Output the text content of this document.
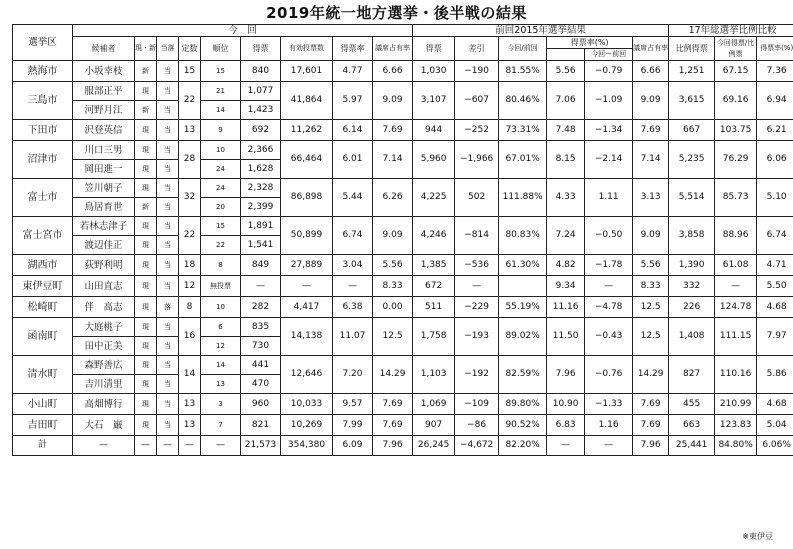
2019年統一地方選挙・後半戦の結果
選挙区	今　回									前回2015年選挙結果						17年総選挙比例比較		
	候補者	現・新	当落	定数	順位	得票	有効投票数	得票率	議席占有率	得票	差引	今回/前回	得票率(%)		議席占有率	比例得票	今回得票/比例票	得票率(%)
														今回ー前回				
熱海市	小坂幸枝	新	当	15	15	840	17,601	4.77	6.66	1,030	−190	81.55%	5.56	−0.79	6.66	1,251	67.15	7.36
三島市	服部正平	現	当	22	21	1,077	41,864	5.97	9.09	3,107	−607	80.46%	7.06	−1.09	9.09	3,615	69.16	6.94
	河野月江	新	当		14	1,423												
下田市	沢登英信	現	当	13	9	692	11,262	6.14	7.69	944	−252	73.31%	7.48	−1.34	7.69	667	103.75	6.21
沼津市	川口三男	現	当	28	10	2,366	66,464	6.01	7.14	5,960	−1,966	67.01%	8.15	−2.14	7.14	5,235	76.29	6.06
	岡田進一	現	当		24	1,628												
富士市	笠川朝子	現	当	32	24	2,328	86,898	5.44	6.26	4,225	502	111.88%	4.33	1.11	3.13	5,514	85.73	5.10
	鳥居育世	新	当		20	2,399												
富士宮市	若林志津子	現	当	22	15	1,891	50,899	6.74	9.09	4,246	−814	80.83%	7.24	−0.50	9.09	3,858	88.96	6.74
	渡辺佳正	現	当		22	1,541												
湖西市	荻野利明	現	当	18	8	849	27,889	3.04	5.56	1,385	−536	61.30%	4.82	−1.78	5.56	1,390	61.08	4.71
東伊豆町	山田直志	現	当	12	無投票	—	—	—	8.33	672	—		9.34	—	8.33	332	—	5.50
松崎町	伴　高志	現	落	8	10	282	4,417	6.38	0.00	511	−229	55.19%	11.16	−4.78	12.5	226	124.78	4.68
函南町	大庭桃子	現	当	16	6	835	14,138	11.07	12.5	1,758	−193	89.02%	11.50	−0.43	12.5	1,408	111.15	7.97
	田中正美	現	当		12	730												
清水町	森野善広	現	当	14	14	441	12,646	7.20	14.29	1,103	−192	82.59%	7.96	−0.76	14.29	827	110.16	5.86
	吉川清里	現	当		13	470												
小山町	高畑博行	現	当	13	3	960	10,033	9.57	7.69	1,069	−109	89.80%	10.90	−1.33	7.69	455	210.99	4.68
吉田町	大石　巌	現	当	13	7	821	10,269	7.99	7.69	907	−86	90.52%	6.83	1.16	7.69	663	123.83	5.04
計	—	—	—	—	—	21,573	354,380	6.09	7.96	26,245	−4,672	82.20%	—	—	7.96	25,441	84.80%	6.06%
※東伊豆
